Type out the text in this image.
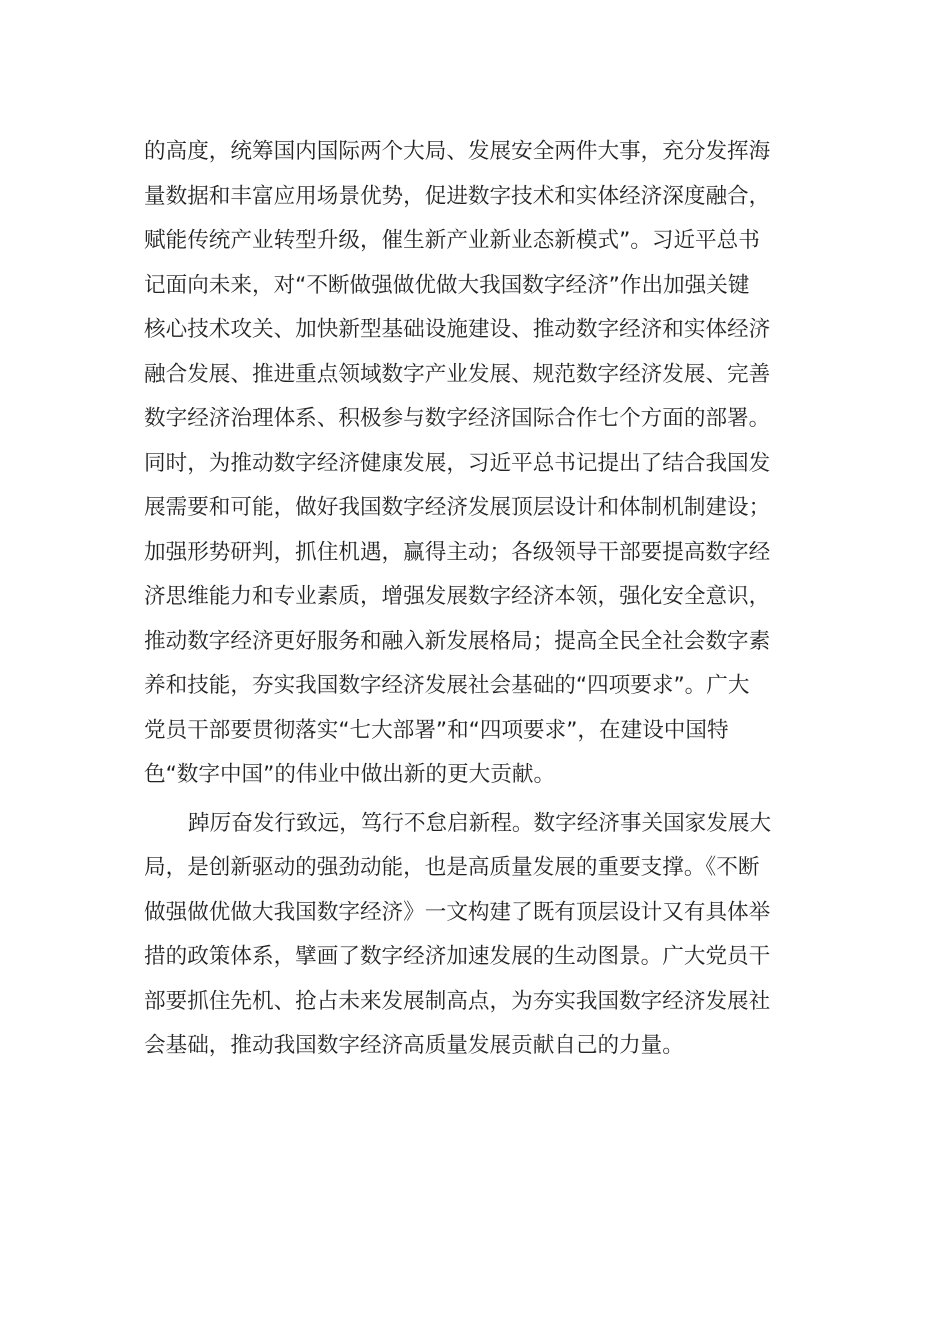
的高度，统筹国内国际两个大局、发展安全两件大事，充分发挥海
量数据和丰富应用场景优势，促进数字技术和实体经济深度融合，
赋能传统产业转型升级，催生新产业新业态新模式”。习近平总书
记面向未来，对“不断做强做优做大我国数字经济”作出加强关键
核心技术攻关、加快新型基础设施建设、推动数字经济和实体经济
融合发展、推进重点领域数字产业发展、规范数字经济发展、完善
数字经济治理体系、积极参与数字经济国际合作七个方面的部署。
同时，为推动数字经济健康发展，习近平总书记提出了结合我国发
展需要和可能，做好我国数字经济发展顶层设计和体制机制建设；
加强形势研判，抓住机遇，赢得主动；各级领导干部要提高数字经
济思维能力和专业素质，增强发展数字经济本领，强化安全意识，
推动数字经济更好服务和融入新发展格局；提高全民全社会数字素
养和技能，夯实我国数字经济发展社会基础的“四项要求”。广大
党员干部要贯彻落实“七大部署”和“四项要求”，在建设中国特
色“数字中国”的伟业中做出新的更大贡献。
踔厉奋发行致远，笃行不怠启新程。数字经济事关国家发展大
局，是创新驱动的强劲动能，也是高质量发展的重要支撑。《不断
做强做优做大我国数字经济》一文构建了既有顶层设计又有具体举
措的政策体系，擘画了数字经济加速发展的生动图景。广大党员干
部要抓住先机、抢占未来发展制高点，为夯实我国数字经济发展社
会基础，推动我国数字经济高质量发展贡献自己的力量。
